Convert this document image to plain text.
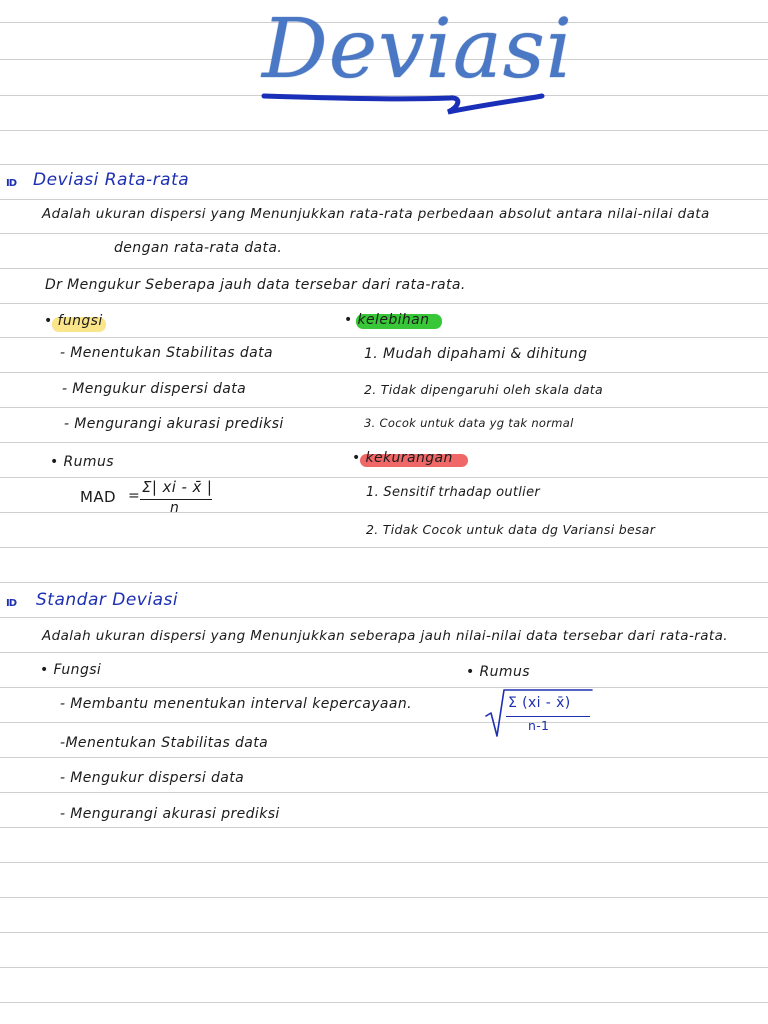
Deviasi
ID Deviasi Rata-rata
Adalah ukuran dispersi yang Menunjukkan rata-rata perbedaan absolut antara nilai-nilai data
dengan rata-rata data.
Dr Mengukur Seberapa jauh data tersebar dari rata-rata.
• fungsi
- Menentukan Stabilitas data
- Mengukur dispersi data
- Mengurangi akurasi prediksi
• kelebihan
1. Mudah dipahami & dihitung
2. Tidak dipengaruhi oleh skala data
3. Cocok untuk data yg tak normal
• Rumus
MAD = Σ| xi - x̄ |
n
• kekurangan
1. Sensitif trhadap outlier
2. Tidak Cocok untuk data dg Variansi besar
ID Standar Deviasi
Adalah ukuran dispersi yang Menunjukkan seberapa jauh nilai-nilai data tersebar dari rata-rata.
• Fungsi
- Membantu menentukan interval kepercayaan.
-Menentukan Stabilitas data
- Mengukur dispersi data
- Mengurangi akurasi prediksi
• Rumus
Σ (xi - x̄)
n-1
